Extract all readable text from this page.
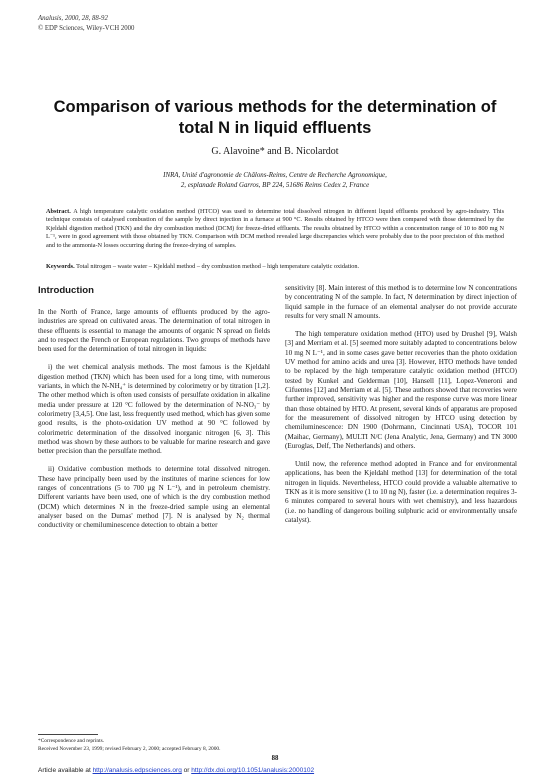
Analusis, 2000, 28, 88-92
© EDP Sciences, Wiley-VCH 2000
Comparison of various methods for the determination of total N in liquid effluents
G. Alavoine* and B. Nicolardot
INRA, Unité d'agronomie de Châlons-Reims, Centre de Recherche Agronomique,
2, esplanade Roland Garros, BP 224, 51686 Reims Cedex 2, France
Abstract. A high temperature catalytic oxidation method (HTCO) was used to determine total dissolved nitrogen in different liquid effluents produced by agro-industry. This technique consists of catalysed combustion of the sample by direct injection in a furnace at 900 °C. Results obtained by HTCO were then compared with those determined by the Kjeldahl digestion method (TKN) and the dry combustion method (DCM) for freeze-dried effluents. The results obtained by HTCO within a concentration range of 10 to 800 mg N L⁻¹, were in good agreement with those obtained by TKN. Comparison with DCM method revealed large discrepancies which were probably due to the poor precision of this method and to the ammonia-N losses occurring during the freeze-drying of samples.
Keywords. Total nitrogen – waste water – Kjeldahl method – dry combustion method – high temperature catalytic oxidation.
Introduction

In the North of France, large amounts of effluents produced by the agro-industries are spread on cultivated areas. The determination of total nitrogen in these effluents is essential to manage the amounts of organic N spread on fields and to respect the French or European regulations. Two groups of methods have been used for the determination of total nitrogen in liquids:

i) the wet chemical analysis methods. The most famous is the Kjeldahl digestion method (TKN) which has been used for a long time, with numerous variants, in which the N-NH₄⁺ is determined by colorimetry or by titration [1,2]. The other method which is often used consists of persulfate oxidation in alkaline media under pressure at 120 °C followed by the determination of N-NO₃⁻ by colorimetry [3,4,5]. One last, less frequently used method, which has given some good results, is the photo-oxidation UV method at 90 °C followed by colorimetric determination of the dissolved inorganic nitrogen [6, 3]. This method was shown by these authors to be valuable for marine research and gave better precision than the persulfate method.

ii) Oxidative combustion methods to determine total dissolved nitrogen. These have principally been used by the institutes of marine sciences for low ranges of concentrations (5 to 700 µg N L⁻¹), and in petroleum chemistry. Different variants have been used, one of which is the dry combustion method (DCM) which determines N in the freeze-dried sample using an elemental analyser based on the Dumas' method [7]. N is analysed by N₂ thermal conductivity or chemiluminescence detection to obtain a better

sensitivity [8]. Main interest of this method is to determine low N concentrations by concentrating N of the sample. In fact, N determination by direct injection of liquid sample in the furnace of an elemental analyser do not provide accurate results for very small N amounts.

The high temperature oxidation method (HTO) used by Drushel [9], Walsh [3] and Merriam et al. [5] seemed more suitably adapted to concentrations below 10 mg N L⁻¹, and in some cases gave better recoveries than the photo oxidation UV method for amino acids and urea [3]. However, HTO methods have tended to be replaced by the high temperature catalytic oxidation method (HTCO) tested by Kunkel and Gelderman [10], Hansell [11], Lopez-Veneroni and Cifuentes [12] and Merriam et al. [5]. These authors showed that recoveries were further improved, sensitivity was higher and the response curve was more linear than those obtained by HTO. At present, several kinds of apparatus are proposed for the measurement of dissolved nitrogen by HTCO using detection by chemiluminescence: DN 1900 (Dohrmann, Cincinnati USA), TOCOR 101 (Maihac, Germany), MULTI N/C (Jena Analytic, Jena, Germany) and TN 3000 (Euroglas, Delf, The Netherlands) and others.

Until now, the reference method adopted in France and for environmental applications, has been the Kjeldahl method [13] for determination of the total nitrogen in liquids. Nevertheless, HTCO could provide a valuable alternative to TKN as it is more sensitive (1 to 10 ng N), faster (i.e. a determination requires 3-6 minutes compared to several hours with wet chemistry), and less hazardous (i.e. no handling of dangerous boiling sulphuric acid or environmentally unsafe catalyst).

*Correspondence and reprints.
Received November 23, 1999; revised February 2, 2000; accepted February 8, 2000.
88
Article available at http://analusis.edpsciences.org or http://dx.doi.org/10.1051/analusis:2000102
